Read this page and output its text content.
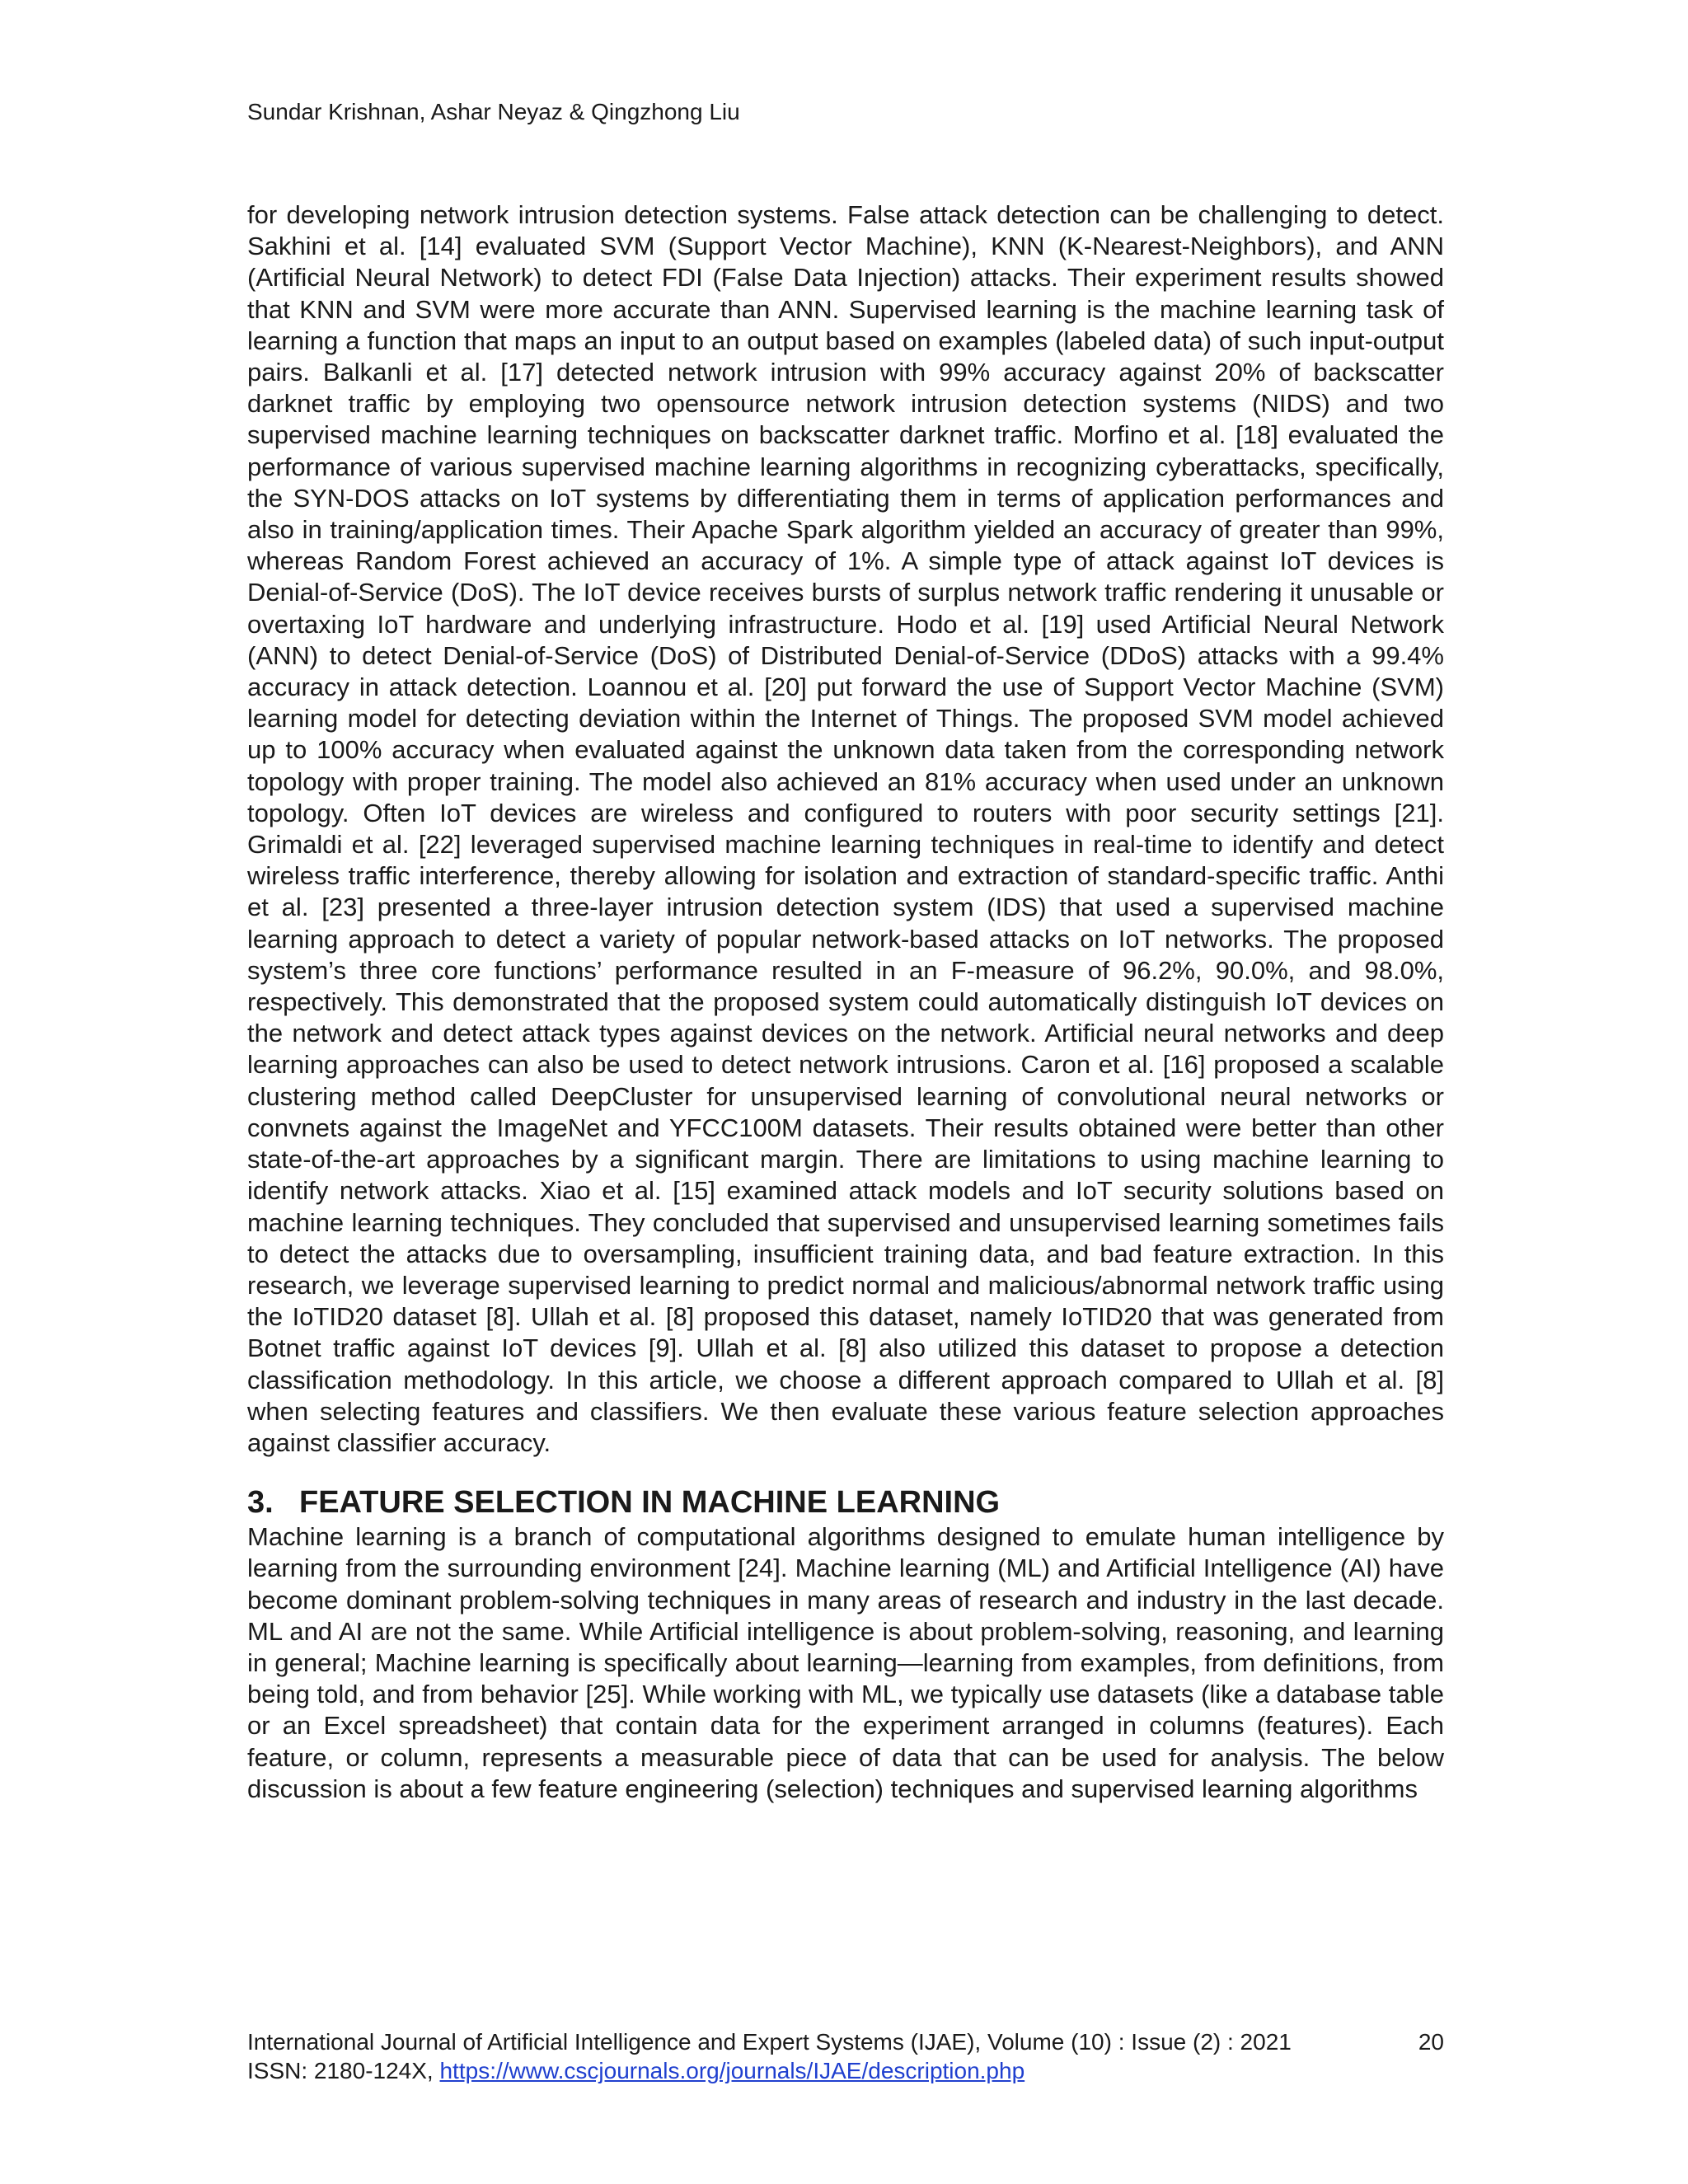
Sundar Krishnan, Ashar Neyaz & Qingzhong Liu

for developing network intrusion detection systems. False attack detection can be challenging to detect. Sakhini et al. [14] evaluated SVM (Support Vector Machine), KNN (K-Nearest-Neighbors), and ANN (Artificial Neural Network) to detect FDI (False Data Injection) attacks. Their experiment results showed that KNN and SVM were more accurate than ANN. Supervised learning is the machine learning task of learning a function that maps an input to an output based on examples (labeled data) of such input-output pairs. Balkanli et al. [17] detected network intrusion with 99% accuracy against 20% of backscatter darknet traffic by employing two opensource network intrusion detection systems (NIDS) and two supervised machine learning techniques on backscatter darknet traffic. Morfino et al. [18] evaluated the performance of various supervised machine learning algorithms in recognizing cyberattacks, specifically, the SYN-DOS attacks on IoT systems by differentiating them in terms of application performances and also in training/application times. Their Apache Spark algorithm yielded an accuracy of greater than 99%, whereas Random Forest achieved an accuracy of 1%. A simple type of attack against IoT devices is Denial-of-Service (DoS). The IoT device receives bursts of surplus network traffic rendering it unusable or overtaxing IoT hardware and underlying infrastructure. Hodo et al. [19] used Artificial Neural Network (ANN) to detect Denial-of-Service (DoS) of Distributed Denial-of-Service (DDoS) attacks with a 99.4% accuracy in attack detection. Loannou et al. [20] put forward the use of Support Vector Machine (SVM) learning model for detecting deviation within the Internet of Things. The proposed SVM model achieved up to 100% accuracy when evaluated against the unknown data taken from the corresponding network topology with proper training. The model also achieved an 81% accuracy when used under an unknown topology. Often IoT devices are wireless and configured to routers with poor security settings [21]. Grimaldi et al. [22] leveraged supervised machine learning techniques in real-time to identify and detect wireless traffic interference, thereby allowing for isolation and extraction of standard-specific traffic. Anthi et al. [23] presented a three-layer intrusion detection system (IDS) that used a supervised machine learning approach to detect a variety of popular network-based attacks on IoT networks. The proposed system’s three core functions’ performance resulted in an F-measure of 96.2%, 90.0%, and 98.0%, respectively. This demonstrated that the proposed system could automatically distinguish IoT devices on the network and detect attack types against devices on the network. Artificial neural networks and deep learning approaches can also be used to detect network intrusions. Caron et al. [16] proposed a scalable clustering method called DeepCluster for unsupervised learning of convolutional neural networks or convnets against the ImageNet and YFCC100M datasets. Their results obtained were better than other state-of-the-art approaches by a significant margin. There are limitations to using machine learning to identify network attacks. Xiao et al. [15] examined attack models and IoT security solutions based on machine learning techniques. They concluded that supervised and unsupervised learning sometimes fails to detect the attacks due to oversampling, insufficient training data, and bad feature extraction. In this research, we leverage supervised learning to predict normal and malicious/abnormal network traffic using the IoTID20 dataset [8]. Ullah et al. [8] proposed this dataset, namely IoTID20 that was generated from Botnet traffic against IoT devices [9]. Ullah et al. [8] also utilized this dataset to propose a detection classification methodology. In this article, we choose a different approach compared to Ullah et al. [8] when selecting features and classifiers. We then evaluate these various feature selection approaches against classifier accuracy.

3. FEATURE SELECTION IN MACHINE LEARNING

Machine learning is a branch of computational algorithms designed to emulate human intelligence by learning from the surrounding environment [24]. Machine learning (ML) and Artificial Intelligence (AI) have become dominant problem-solving techniques in many areas of research and industry in the last decade. ML and AI are not the same. While Artificial intelligence is about problem-solving, reasoning, and learning in general; Machine learning is specifically about learning—learning from examples, from definitions, from being told, and from behavior [25]. While working with ML, we typically use datasets (like a database table or an Excel spreadsheet) that contain data for the experiment arranged in columns (features). Each feature, or column, represents a measurable piece of data that can be used for analysis. The below discussion is about a few feature engineering (selection) techniques and supervised learning algorithms

International Journal of Artificial Intelligence and Expert Systems (IJAE), Volume (10) : Issue (2) : 2021	20
ISSN: 2180-124X, https://www.cscjournals.org/journals/IJAE/description.php
